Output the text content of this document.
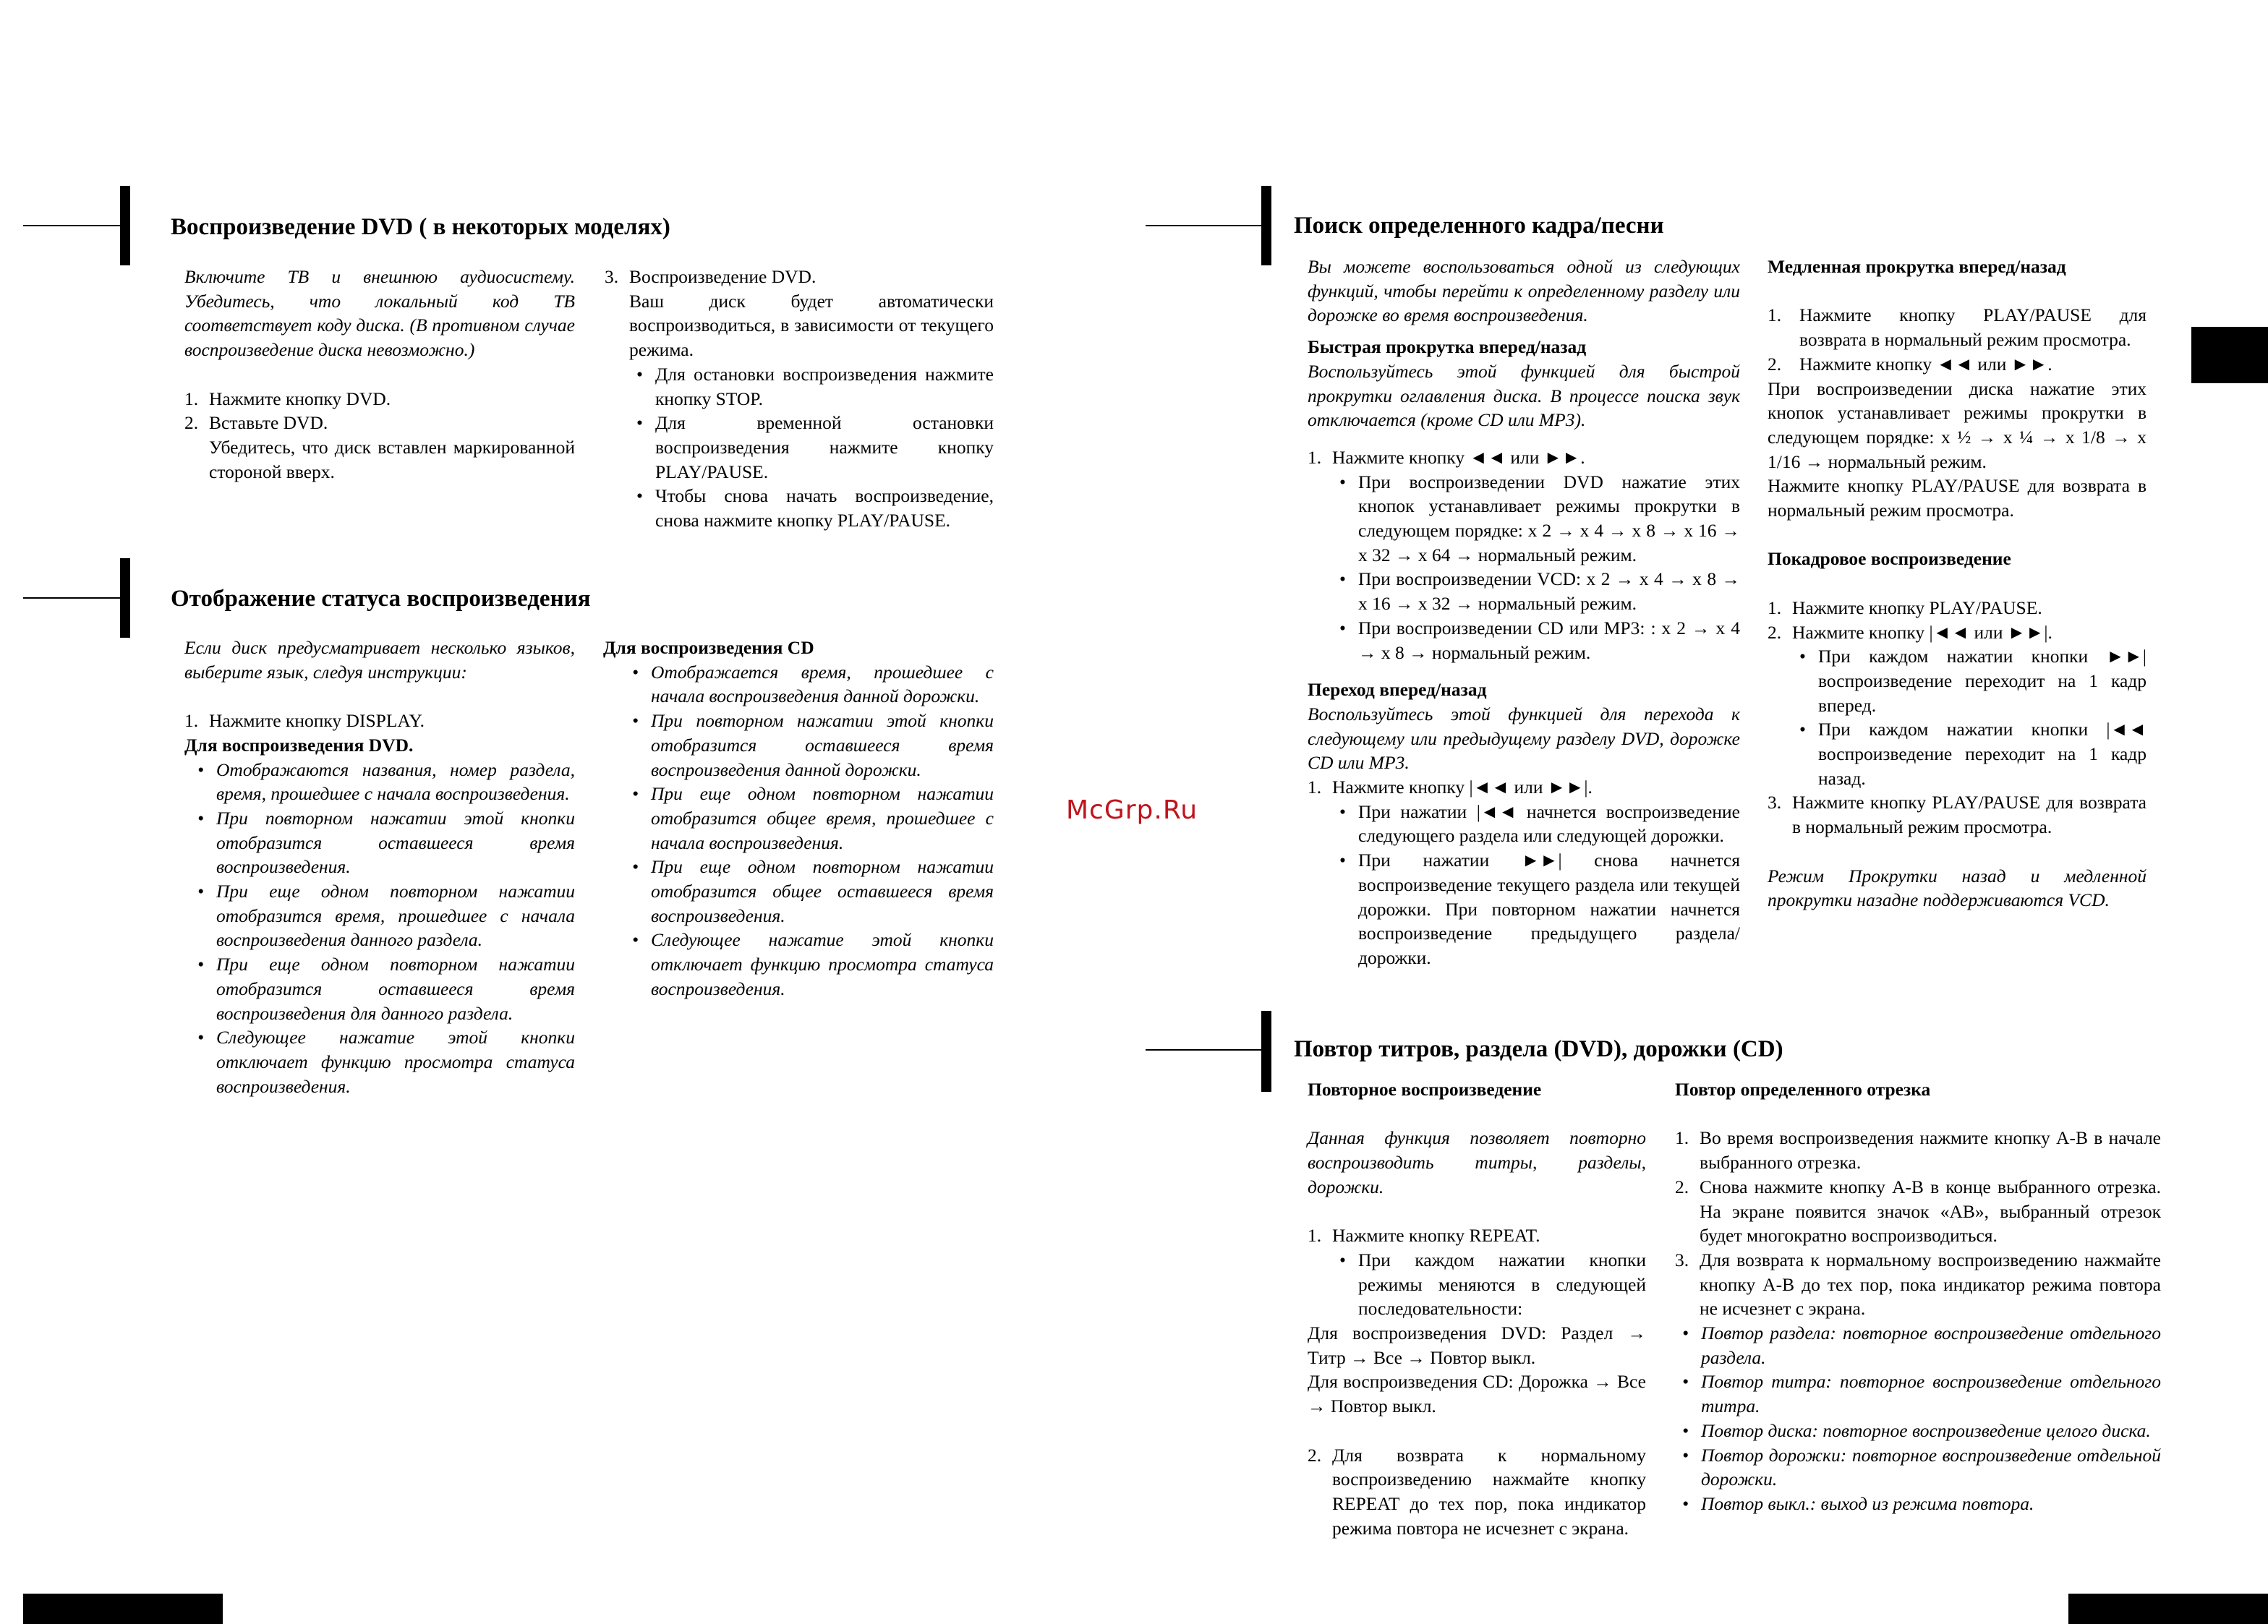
McGrp.Ru
Воспроизведение DVD ( в некоторых моделях)

Включите ТВ и внешнюю аудиосистему. Убедитесь, что локальный код ТВ соответствует коду диска. (В противном случае воспроизведение диска невозможно.)

1. Нажмите кнопку DVD.
2. Вставьте DVD.

Убедитесь, что диск вставлен маркированной стороной вверх.

3. Воспроизведение DVD.

Ваш диск будет автоматически воспроизводиться, в зависимости от текущего режима.

• Для остановки воспроизведения нажмите кнопку STOP.
• Для временной остановки воспроизведения нажмите кнопку PLAY/PAUSE.
• Чтобы снова начать воспроизведение, снова нажмите кнопку PLAY/PAUSE.
Отображение статуса воспроизведения

Если диск предусматривает несколько языков, выберите язык, следуя инструкции:

1. Нажмите кнопку DISPLAY.

Для воспроизведения DVD.

• Отображаются названия, номер раздела, время, прошедшее с начала воспроизведения.
• При повторном нажатии этой кнопки отобразится оставшееся время воспроизведения.
• При еще одном повторном нажатии отобразится время, прошедшее с начала воспроизведения данного раздела.
• При еще одном повторном нажатии отобразится оставшееся время воспроизведения для данного раздела.
• Следующее нажатие этой кнопки отключает функцию просмотра статуса воспроизведения.

Для воспроизведения CD

• Отображается время, прошедшее с начала воспроизведения данной дорожки.
• При повторном нажатии этой кнопки отобразится оставшееся время воспроизведения данной дорожки.
• При еще одном повторном нажатии отобразится общее время, прошедшее с начала воспроизведения.
• При еще одном повторном нажатии отобразится общее оставшееся время воспроизведения.
• Следующее нажатие этой кнопки отключает функцию просмотра статуса воспроизведения.
Поиск определенного кадра/песни

Вы можете воспользоваться одной из следующих функций, чтобы перейти к определенному разделу или дорожке во время воспроизведения.

Быстрая прокрутка вперед/назад

Воспользуйтесь этой функцией для быстрой прокрутки оглавления диска. В процессе поиска звук отключается (кроме CD или MP3).

1. Нажмите кнопку ◄◄ или ►►.
• При воспроизведении DVD нажатие этих кнопок устанавливает режимы прокрутки в следующем порядке: x 2 → x 4 → x 8 → x 16 → x 32 → x 64 → нормальный режим.
• При воспроизведении VCD: x 2 → x 4 → x 8 → x 16 → x 32 → нормальный режим.
• При воспроизведении CD или MP3: : x 2 → x 4 → x 8 → нормальный режим.

Переход вперед/назад

Воспользуйтесь этой функцией для перехода к следующему или предыдущему разделу DVD, дорожке CD или MP3.

1. Нажмите кнопку |◄◄ или ►►|.
• При нажатии |◄◄ начнется воспроизведение следующего раздела или следующей дорожки.
• При нажатии ►►| снова начнется воспроизведение текущего раздела или текущей дорожки. При повторном нажатии начнется воспроизведение предыдущего раздела/дорожки.

Медленная прокрутка вперед/назад

1. Нажмите кнопку PLAY/PAUSE для возврата в нормальный режим просмотра.
2. Нажмите кнопку ◄◄ или ►►.

При воспроизведении диска нажатие этих кнопок устанавливает режимы прокрутки в следующем порядке: x ½ → x ¼ → x 1/8 → x 1/16 → нормальный режим.

Нажмите кнопку PLAY/PAUSE для возврата в нормальный режим просмотра.

Покадровое воспроизведение

1. Нажмите кнопку PLAY/PAUSE.
2. Нажмите кнопку |◄◄ или ►►|.
• При каждом нажатии кнопки ►►| воспроизведение переходит на 1 кадр вперед.
• При каждом нажатии кнопки |◄◄ воспроизведение переходит на 1 кадр назад.
3. Нажмите кнопку PLAY/PAUSE для возврата в нормальный режим просмотра.

Режим Прокрутки назад и медленной прокрутки назадне поддерживаются VCD.

Повтор титров, раздела (DVD), дорожки (CD)

Повторное воспроизведение

Данная функция позволяет повторно воспроизводить титры, разделы, дорожки.

1. Нажмите кнопку REPEAT.
• При каждом нажатии кнопки режимы меняются в следующей последовательности:

Для воспроизведения DVD: Раздел → Титр → Все → Повтор выкл.

Для воспроизведения CD: Дорожка → Все → Повтор выкл.

2. Для возврата к нормальному воспроизведению нажмайте кнопку REPEAT до тех пор, пока индикатор режима повтора не исчезнет с экрана.

Повтор определенного отрезка

1. Во время воспроизведения нажмите кнопку A-B в начале выбранного отрезка.
2. Снова нажмите кнопку A-B в конце выбранного отрезка. На экране появится значок «AB», выбранный отрезок будет многократно воспроизводиться.
3. Для возврата к нормальному воспроизведению нажмайте кнопку A-B до тех пор, пока индикатор режима повтора не исчезнет с экрана.
• Повтор раздела: повторное воспроизведение отдельного раздела.
• Повтор титра: повторное воспроизведение отдельного титра.
• Повтор диска: повторное воспроизведение целого диска.
• Повтор дорожки: повторное воспроизведение отдельной дорожки.
• Повтор выкл.: выход из режима повтора.
